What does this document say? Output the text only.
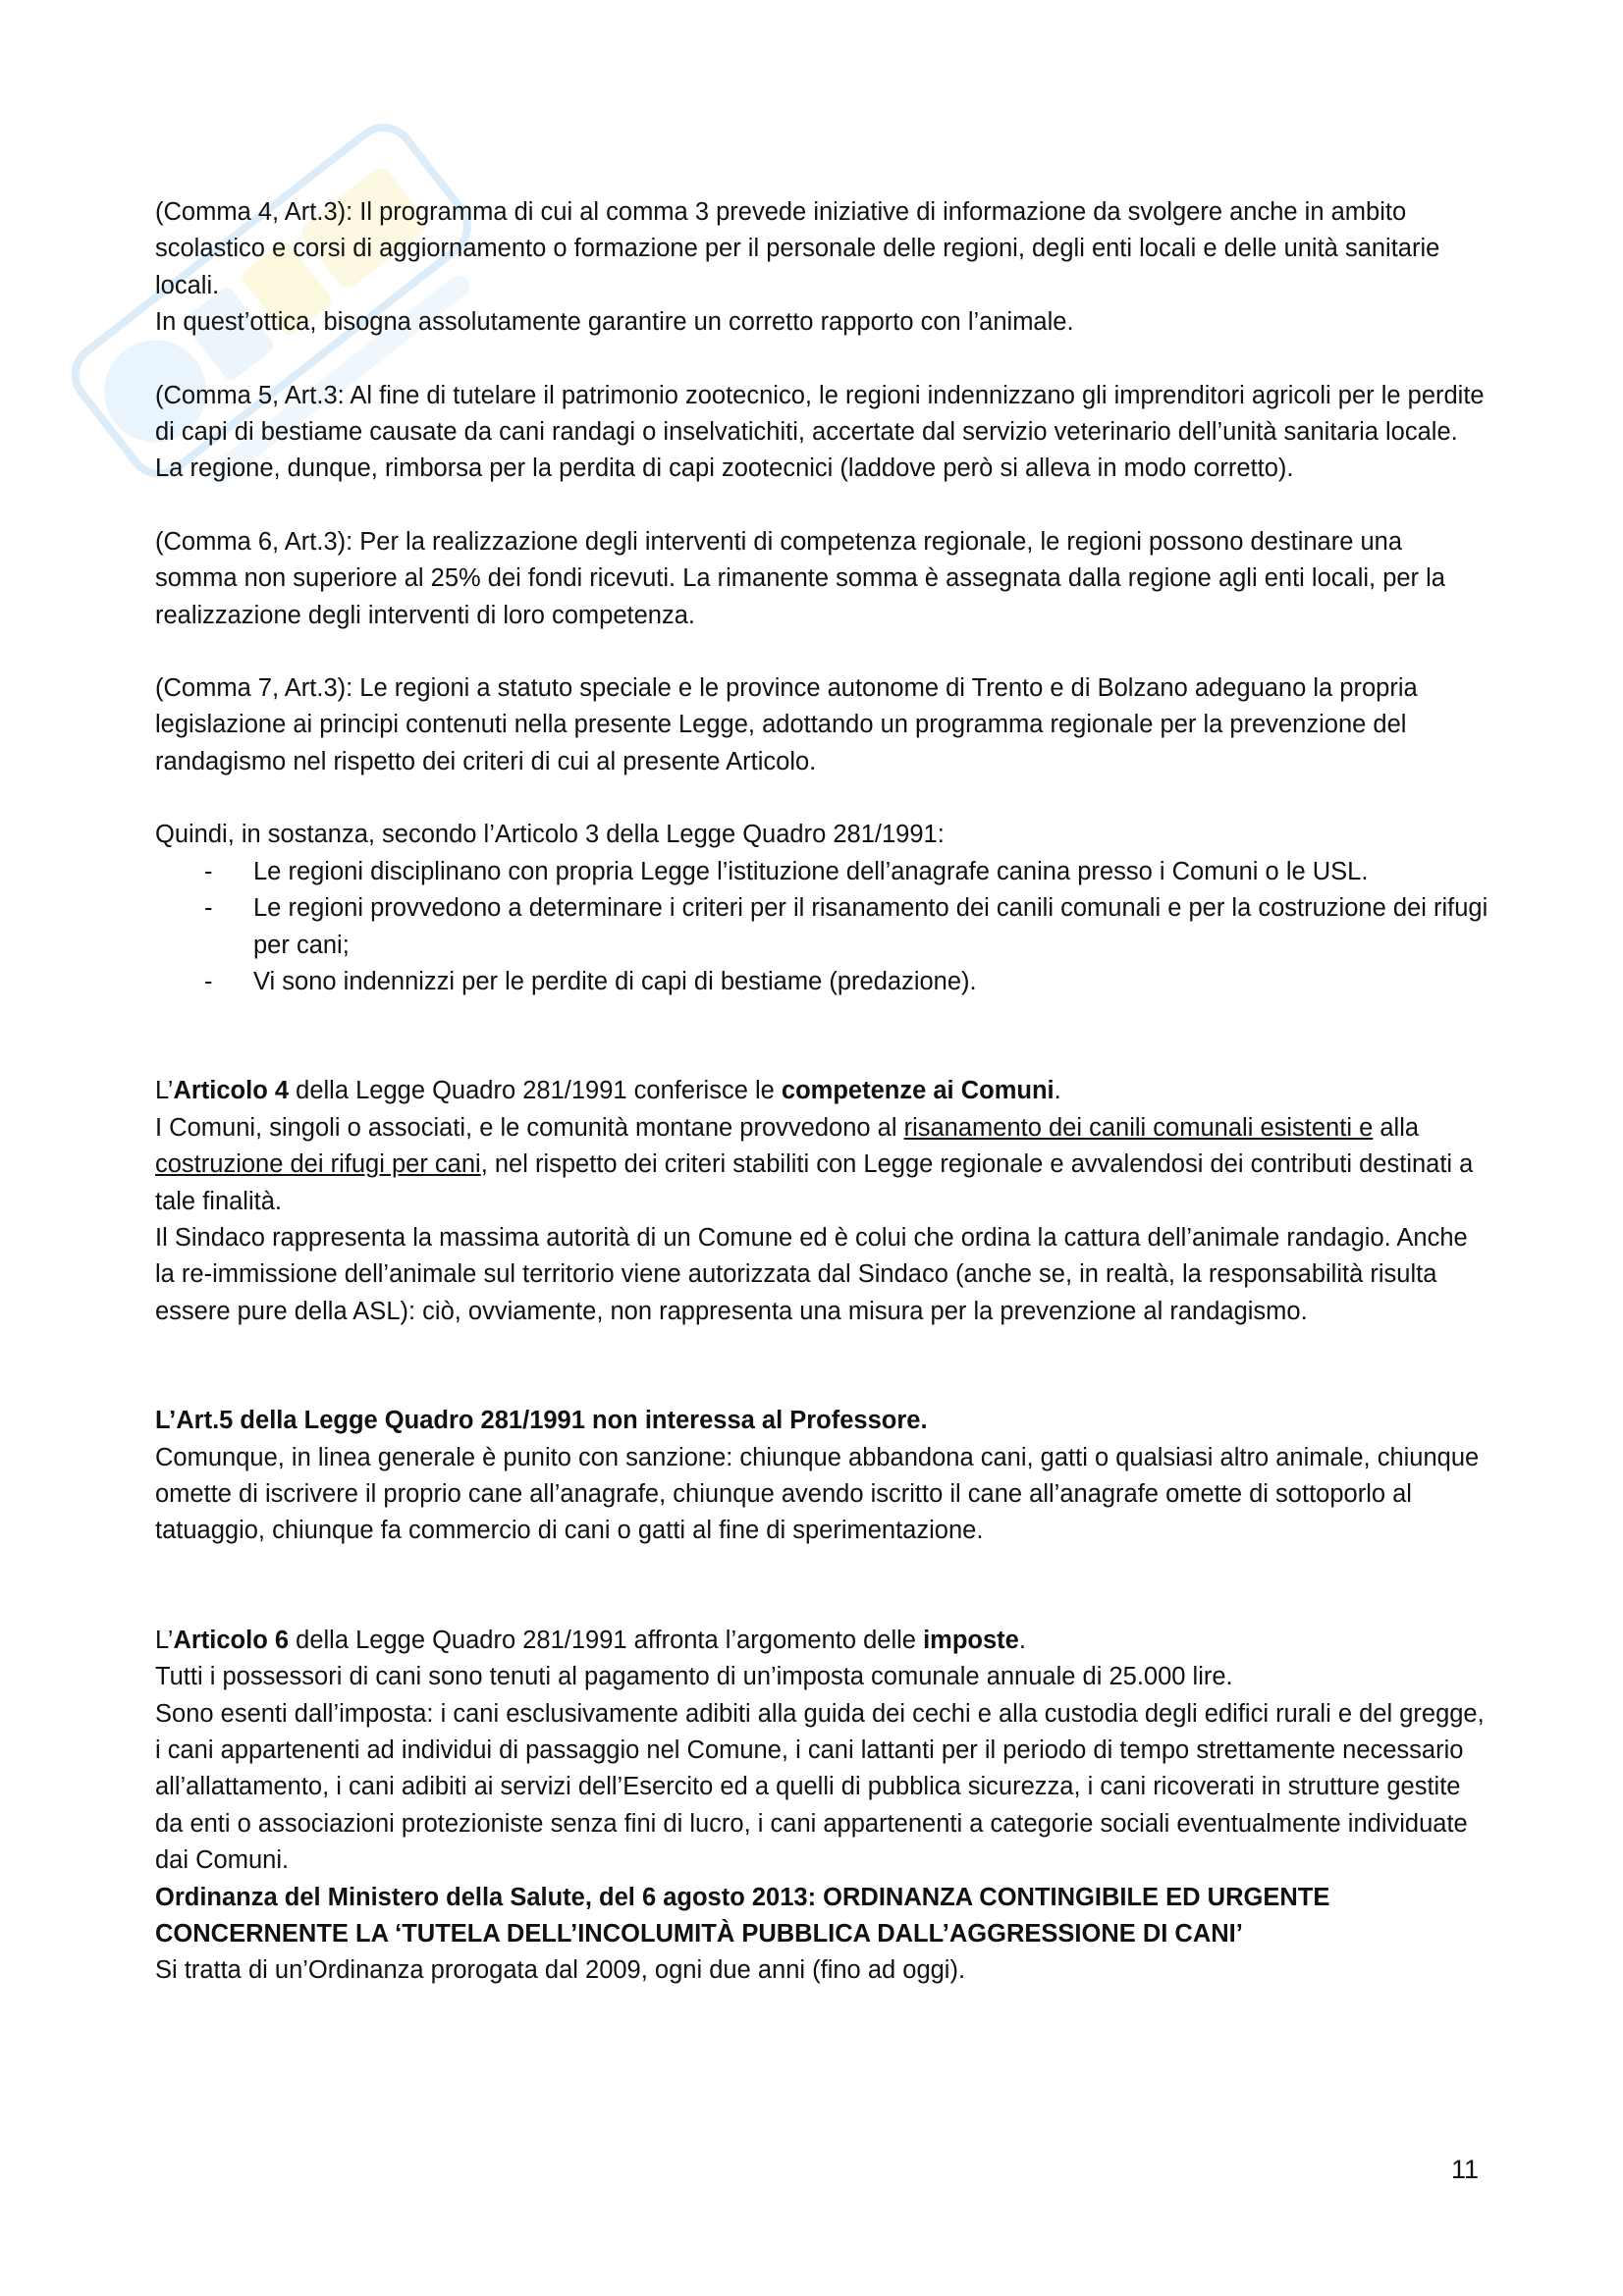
(Comma 4, Art.3): Il programma di cui al comma 3 prevede iniziative di informazione da svolgere anche in ambito scolastico e corsi di aggiornamento o formazione per il personale delle regioni, degli enti locali e delle unità sanitarie locali.

In quest’ottica, bisogna assolutamente garantire un corretto rapporto con l’animale.

(Comma 5, Art.3: Al fine di tutelare il patrimonio zootecnico, le regioni indennizzano gli imprenditori agricoli per le perdite di capi di bestiame causate da cani randagi o inselvatichiti, accertate dal servizio veterinario dell’unità sanitaria locale.

La regione, dunque, rimborsa per la perdita di capi zootecnici (laddove però si alleva in modo corretto).

(Comma 6, Art.3): Per la realizzazione degli interventi di competenza regionale, le regioni possono destinare una somma non superiore al 25% dei fondi ricevuti. La rimanente somma è assegnata dalla regione agli enti locali, per la realizzazione degli interventi di loro competenza.

(Comma 7, Art.3): Le regioni a statuto speciale e le province autonome di Trento e di Bolzano adeguano la propria legislazione ai principi contenuti nella presente Legge, adottando un programma regionale per la prevenzione del randagismo nel rispetto dei criteri di cui al presente Articolo.

Quindi, in sostanza, secondo l’Articolo 3 della Legge Quadro 281/1991:

- Le regioni disciplinano con propria Legge l’istituzione dell’anagrafe canina presso i Comuni o le USL.
- Le regioni provvedono a determinare i criteri per il risanamento dei canili comunali e per la costruzione dei rifugi per cani;
- Vi sono indennizzi per le perdite di capi di bestiame (predazione).

L’Articolo 4 della Legge Quadro 281/1991 conferisce le competenze ai Comuni.

I Comuni, singoli o associati, e le comunità montane provvedono al risanamento dei canili comunali esistenti e alla costruzione dei rifugi per cani, nel rispetto dei criteri stabiliti con Legge regionale e avvalendosi dei contributi destinati a tale finalità.

Il Sindaco rappresenta la massima autorità di un Comune ed è colui che ordina la cattura dell’animale randagio. Anche la re-immissione dell’animale sul territorio viene autorizzata dal Sindaco (anche se, in realtà, la responsabilità risulta essere pure della ASL): ciò, ovviamente, non rappresenta una misura per la prevenzione al randagismo.

L’Art.5 della Legge Quadro 281/1991 non interessa al Professore.

Comunque, in linea generale è punito con sanzione: chiunque abbandona cani, gatti o qualsiasi altro animale, chiunque omette di iscrivere il proprio cane all’anagrafe, chiunque avendo iscritto il cane all’anagrafe omette di sottoporlo al tatuaggio, chiunque fa commercio di cani o gatti al fine di sperimentazione.

L’Articolo 6 della Legge Quadro 281/1991 affronta l’argomento delle imposte.

Tutti i possessori di cani sono tenuti al pagamento di un’imposta comunale annuale di 25.000 lire.

Sono esenti dall’imposta: i cani esclusivamente adibiti alla guida dei cechi e alla custodia degli edifici rurali e del gregge, i cani appartenenti ad individui di passaggio nel Comune, i cani lattanti per il periodo di tempo strettamente necessario all’allattamento, i cani adibiti ai servizi dell’Esercito ed a quelli di pubblica sicurezza, i cani ricoverati in strutture gestite da enti o associazioni protezioniste senza fini di lucro, i cani appartenenti a categorie sociali eventualmente individuate dai Comuni.

Ordinanza del Ministero della Salute, del 6 agosto 2013: ORDINANZA CONTINGIBILE ED URGENTE CONCERNENTE LA ‘TUTELA DELL’INCOLUMITÀ PUBBLICA DALL’AGGRESSIONE DI CANI’

Si tratta di un’Ordinanza prorogata dal 2009, ogni due anni (fino ad oggi).

11
